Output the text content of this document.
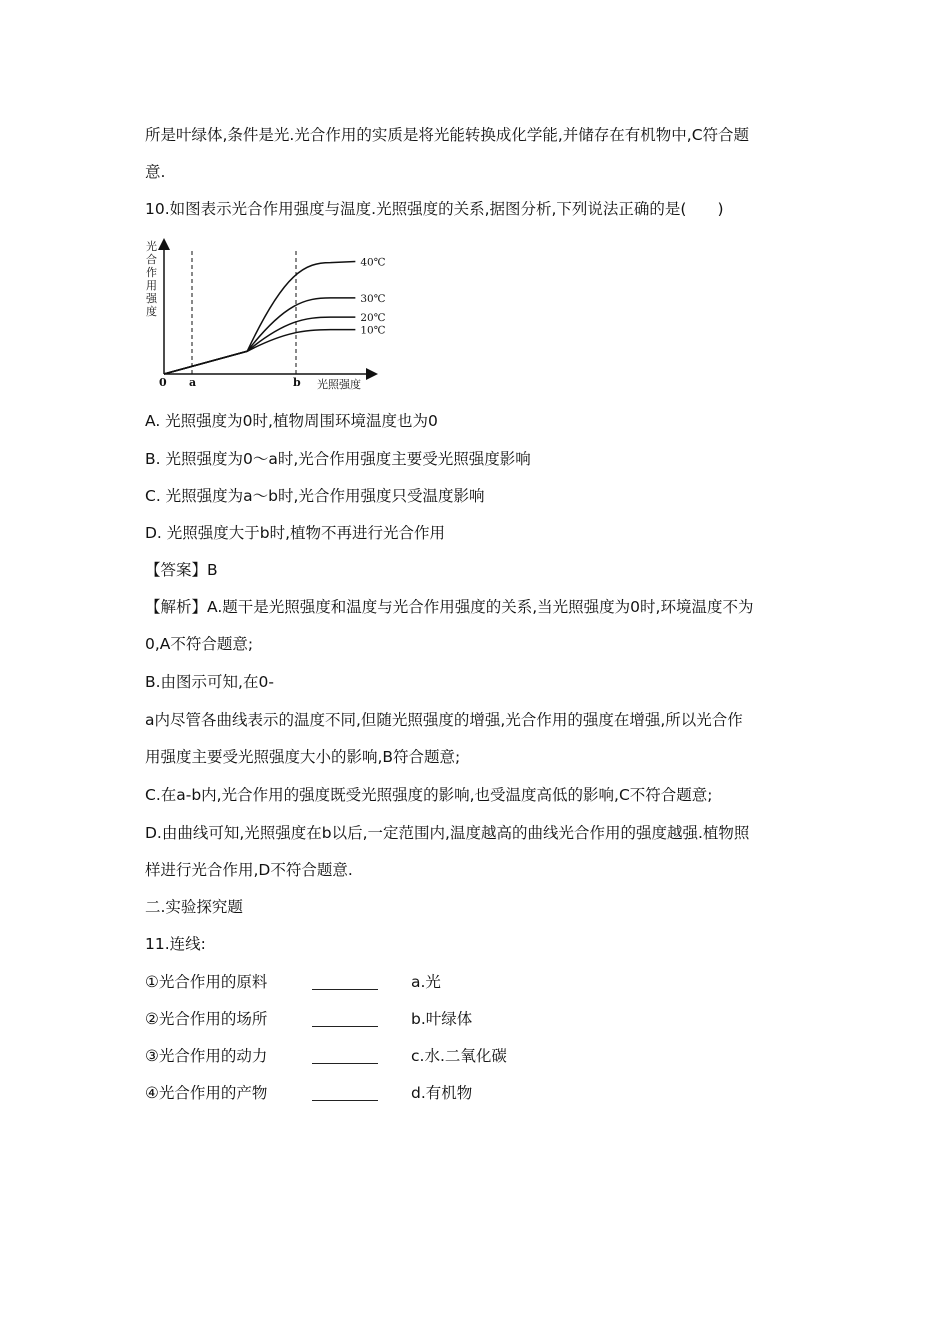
所是叶绿体,条件是光.光合作用的实质是将光能转换成化学能,并储存在有机物中,C符合题
意.
10.如图表示光合作用强度与温度.光照强度的关系,据图分析,下列说法正确的是(　　)
光合作用强度
40℃
30℃
20℃
10℃
0 a	b 光照强度
A. 光照强度为0时,植物周围环境温度也为0
B. 光照强度为0～a时,光合作用强度主要受光照强度影响
C. 光照强度为a～b时,光合作用强度只受温度影响
D. 光照强度大于b时,植物不再进行光合作用
【答案】B
【解析】A.题干是光照强度和温度与光合作用强度的关系,当光照强度为0时,环境温度不为
0,A不符合题意;
B.由图示可知,在0-
a内尽管各曲线表示的温度不同,但随光照强度的增强,光合作用的强度在增强,所以光合作
用强度主要受光照强度大小的影响,B符合题意;
C.在a-b内,光合作用的强度既受光照强度的影响,也受温度高低的影响,C不符合题意;
D.由曲线可知,光照强度在b以后,一定范围内,温度越高的曲线光合作用的强度越强.植物照
样进行光合作用,D不符合题意.
二.实验探究题
11.连线:
①光合作用的原料	a.光
②光合作用的场所	b.叶绿体
③光合作用的动力	c.水.二氧化碳
④光合作用的产物	d.有机物
